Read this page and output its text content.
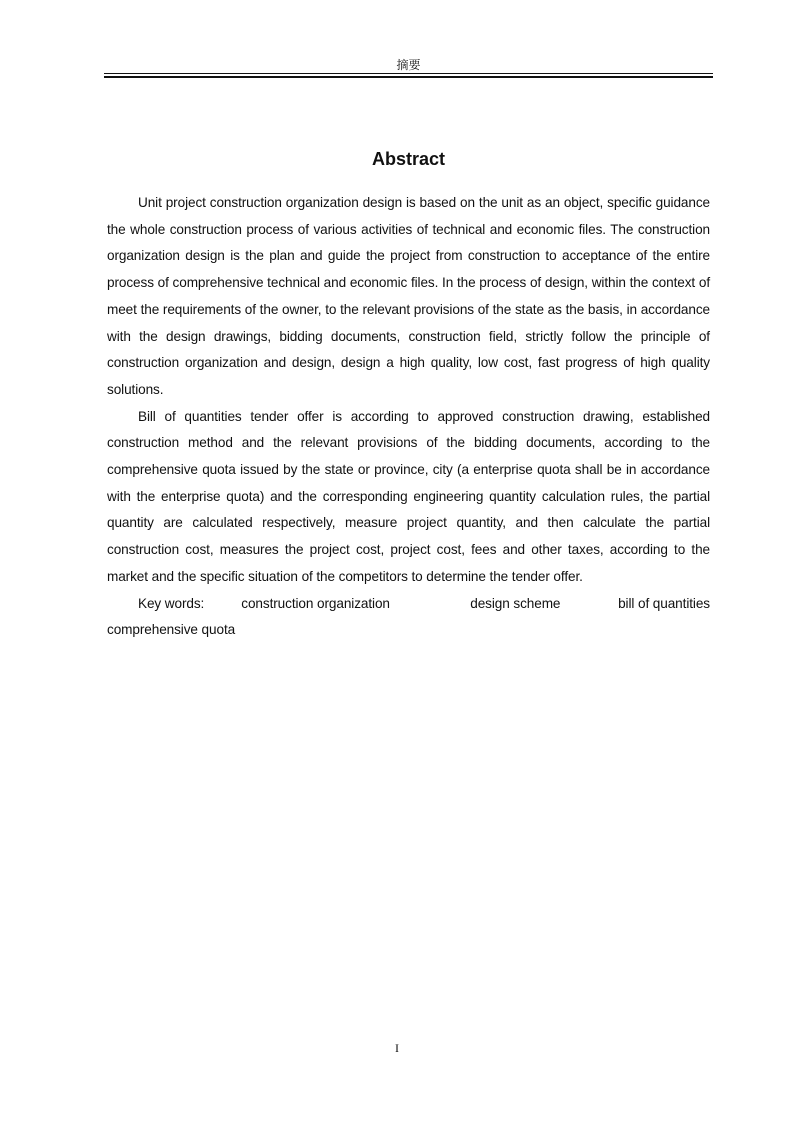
摘要
Abstract

Unit project construction organization design is based on the unit as an object, specific guidance the whole construction process of various activities of technical and economic files. The construction organization design is the plan and guide the project from construction to acceptance of the entire process of comprehensive technical and economic files. In the process of design, within the context of meet the requirements of the owner, to the relevant provisions of the state as the basis, in accordance with the design drawings, bidding documents, construction field, strictly follow the principle of construction organization and design, design a high quality, low cost, fast progress of high quality solutions.

Bill of quantities tender offer is according to approved construction drawing, established construction method and the relevant provisions of the bidding documents, according to the comprehensive quota issued by the state or province, city (a enterprise quota shall be in accordance with the enterprise quota) and the corresponding engineering quantity calculation rules, the partial quantity are calculated respectively, measure project quantity, and then calculate the partial construction cost, measures the project cost, project cost, fees and other taxes, according to the market and the specific situation of the competitors to determine the tender offer.

Key words:	construction organization	design scheme	bill of quantities

comprehensive quota

I
